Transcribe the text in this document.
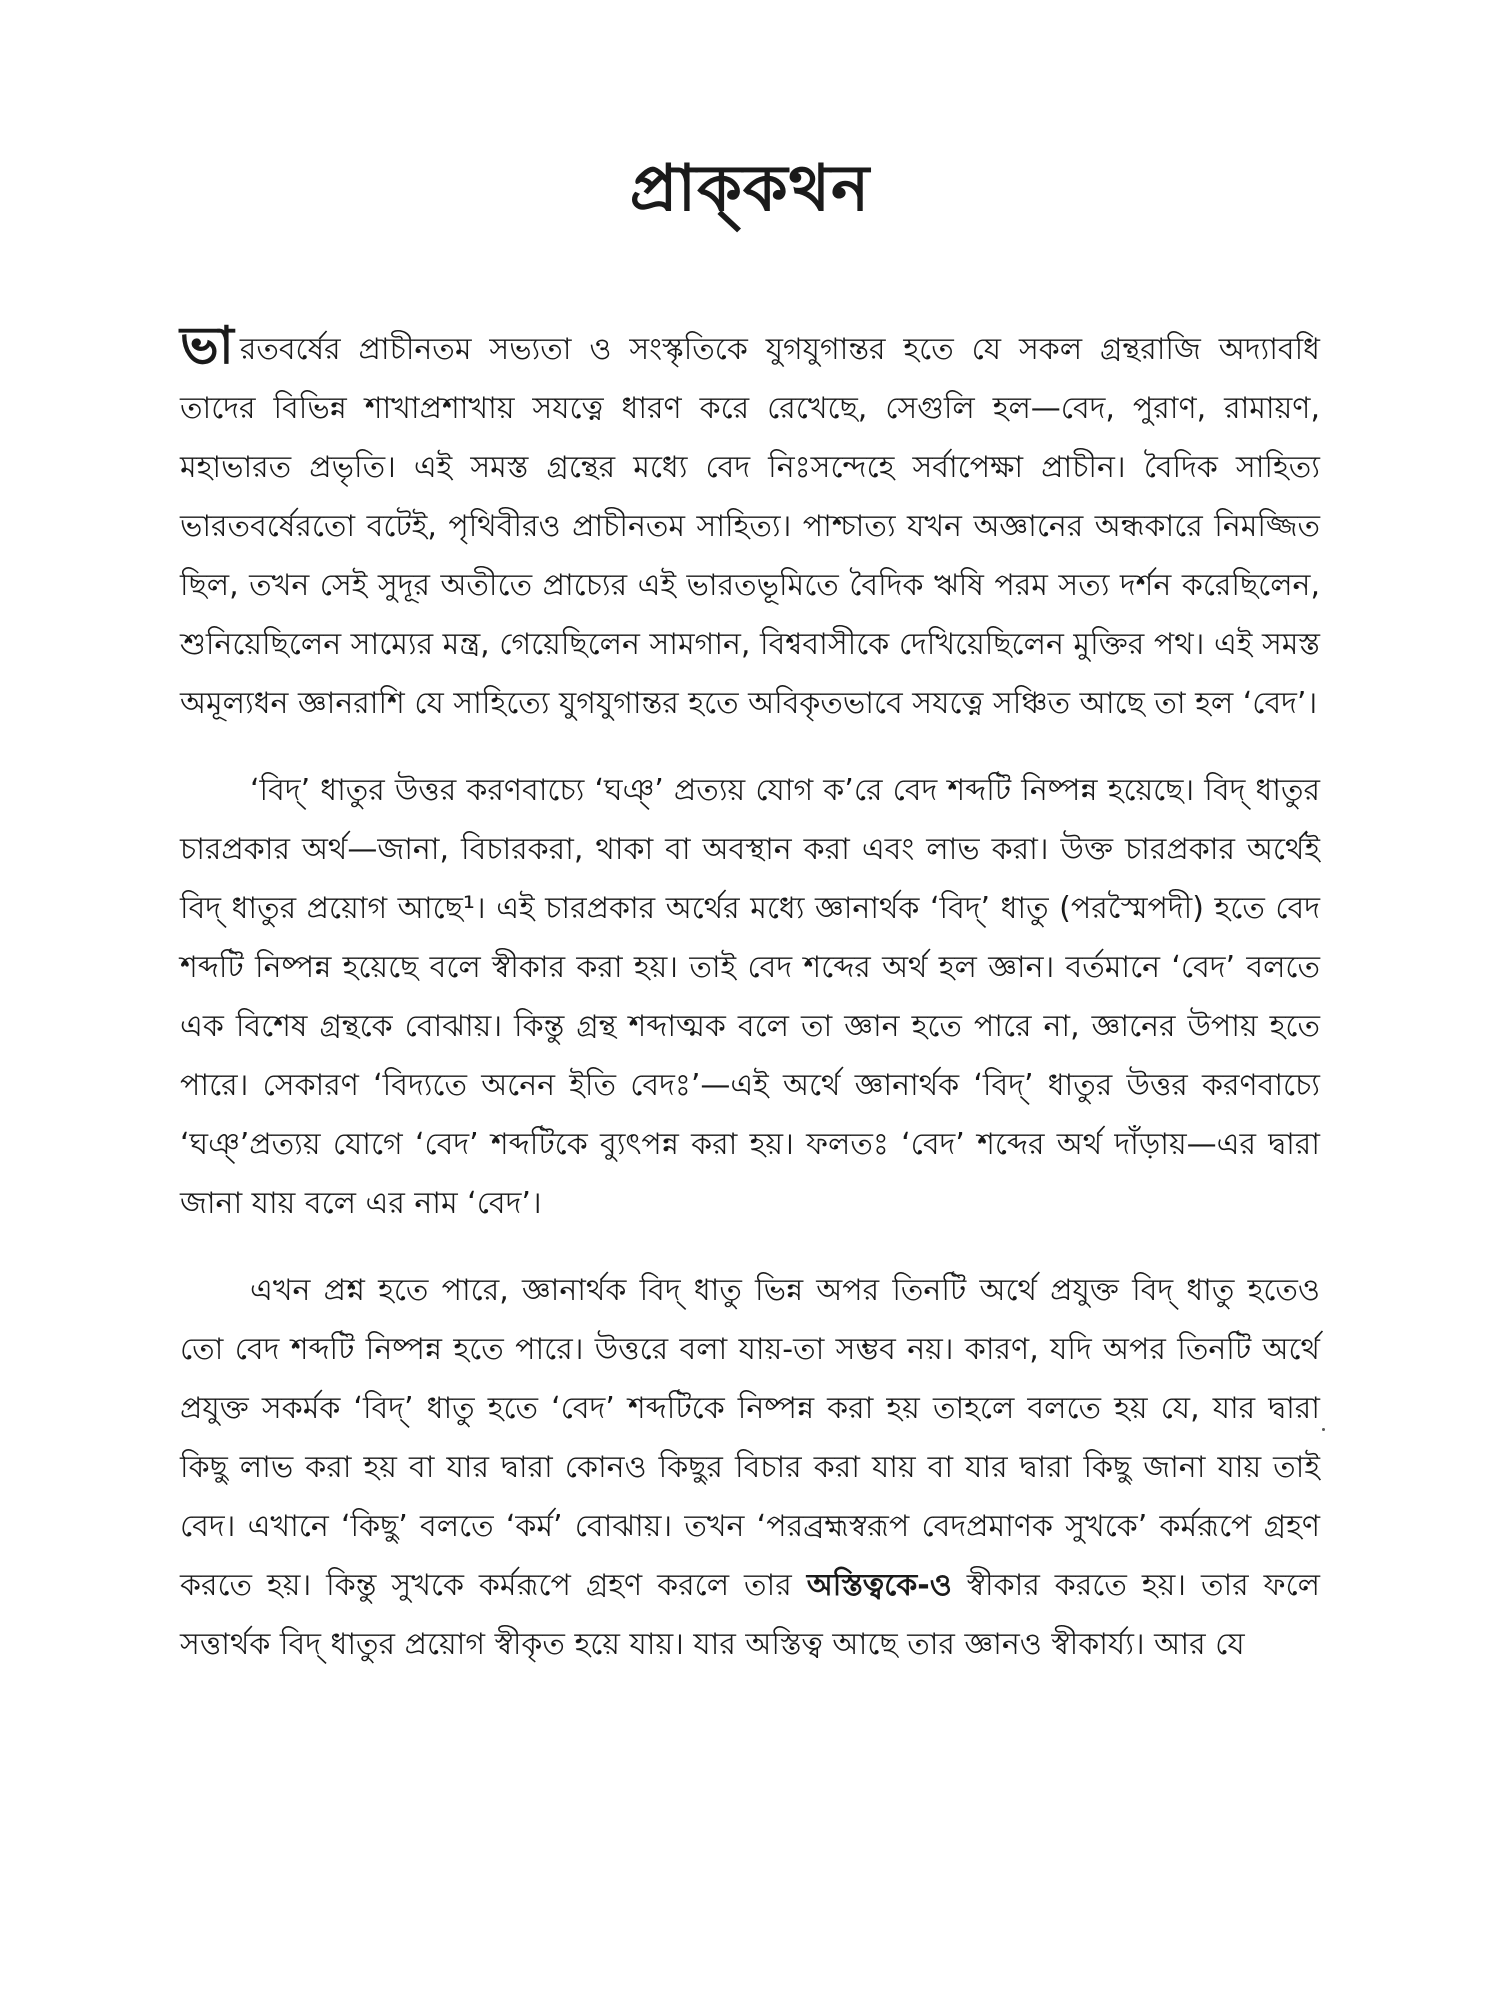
প্রাক্‌কথন

ভারতবর্ষের প্রাচীনতম সভ্যতা ও সংস্কৃতিকে যুগযুগান্তর হতে যে সকল গ্রন্থরাজি অদ্যাবধি তাদের বিভিন্ন শাখাপ্রশাখায় সযত্নে ধারণ করে রেখেছে, সেগুলি হল—বেদ, পুরাণ, রামায়ণ, মহাভারত প্রভৃতি। এই সমস্ত গ্রন্থের মধ্যে বেদ নিঃসন্দেহে সর্বাপেক্ষা প্রাচীন। বৈদিক সাহিত্য ভারতবর্ষেরতো বটেই, পৃথিবীরও প্রাচীনতম সাহিত্য। পাশ্চাত্য যখন অজ্ঞানের অন্ধকারে নিমজ্জিত ছিল, তখন সেই সুদূর অতীতে প্রাচ্যের এই ভারতভূমিতে বৈদিক ঋষি পরম সত্য দর্শন করেছিলেন, শুনিয়েছিলেন সাম্যের মন্ত্র, গেয়েছিলেন সামগান, বিশ্ববাসীকে দেখিয়েছিলেন মুক্তির পথ। এই সমস্ত অমূল্যধন জ্ঞানরাশি যে সাহিত্যে যুগযুগান্তর হতে অবিকৃতভাবে সযত্নে সঞ্চিত আছে তা হল ‘বেদ’।

‘বিদ্’ ধাতুর উত্তর করণবাচ্যে ‘ঘঞ্’ প্রত্যয় যোগ ক’রে বেদ শব্দটি নিষ্পন্ন হয়েছে। বিদ্ ধাতুর চারপ্রকার অর্থ—জানা, বিচারকরা, থাকা বা অবস্থান করা এবং লাভ করা। উক্ত চারপ্রকার অর্থেই বিদ্ ধাতুর প্রয়োগ আছে¹। এই চারপ্রকার অর্থের মধ্যে জ্ঞানার্থক ‘বিদ্’ ধাতু (পরস্মৈপদী) হতে বেদ শব্দটি নিষ্পন্ন হয়েছে বলে স্বীকার করা হয়। তাই বেদ শব্দের অর্থ হল জ্ঞান। বর্তমানে ‘বেদ’ বলতে এক বিশেষ গ্রন্থকে বোঝায়। কিন্তু গ্রন্থ শব্দাত্মক বলে তা জ্ঞান হতে পারে না, জ্ঞানের উপায় হতে পারে। সেকারণ ‘বিদ্যতে অনেন ইতি বেদঃ’—এই অর্থে জ্ঞানার্থক ‘বিদ্’ ধাতুর উত্তর করণবাচ্যে ‘ঘঞ্’প্রত্যয় যোগে ‘বেদ’ শব্দটিকে ব্যুৎপন্ন করা হয়। ফলতঃ ‘বেদ’ শব্দের অর্থ দাঁড়ায়—এর দ্বারা জানা যায় বলে এর নাম ‘বেদ’।

এখন প্রশ্ন হতে পারে, জ্ঞানার্থক বিদ্ ধাতু ভিন্ন অপর তিনটি অর্থে প্রযুক্ত বিদ্ ধাতু হতেও তো বেদ শব্দটি নিষ্পন্ন হতে পারে। উত্তরে বলা যায়-তা সম্ভব নয়। কারণ, যদি অপর তিনটি অর্থে প্রযুক্ত সকর্মক ‘বিদ্’ ধাতু হতে ‘বেদ’ শব্দটিকে নিষ্পন্ন করা হয় তাহলে বলতে হয় যে, যার দ্বারা কিছু লাভ করা হয় বা যার দ্বারা কোনও কিছুর বিচার করা যায় বা যার দ্বারা কিছু জানা যায় তাই বেদ। এখানে ‘কিছু’ বলতে ‘কর্ম’ বোঝায়। তখন ‘পরব্রহ্মস্বরূপ বেদপ্রমাণক সুখকে’ কর্মরূপে গ্রহণ করতে হয়। কিন্তু সুখকে কর্মরূপে গ্রহণ করলে তার অস্তিত্বকে-ও স্বীকার করতে হয়। তার ফলে সত্তার্থক বিদ্ ধাতুর প্রয়োগ স্বীকৃত হয়ে যায়। যার অস্তিত্ব আছে তার জ্ঞানও স্বীকার্য্য। আর যে
